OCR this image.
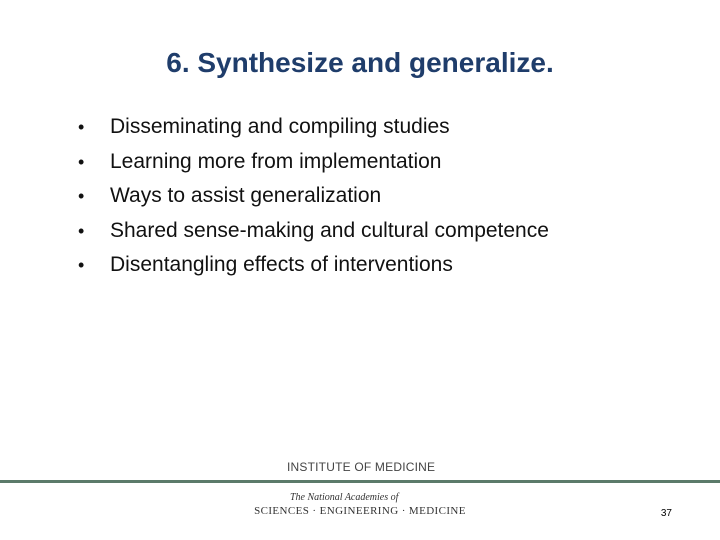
6. Synthesize and generalize.
•	Disseminating and compiling studies
•	Learning more from implementation
•	Ways to assist generalization
•	Shared sense-making and cultural competence
•	Disentangling effects of interventions
INSTITUTE OF MEDICINE
The National Academies of
SCIENCES · ENGINEERING · MEDICINE	37
